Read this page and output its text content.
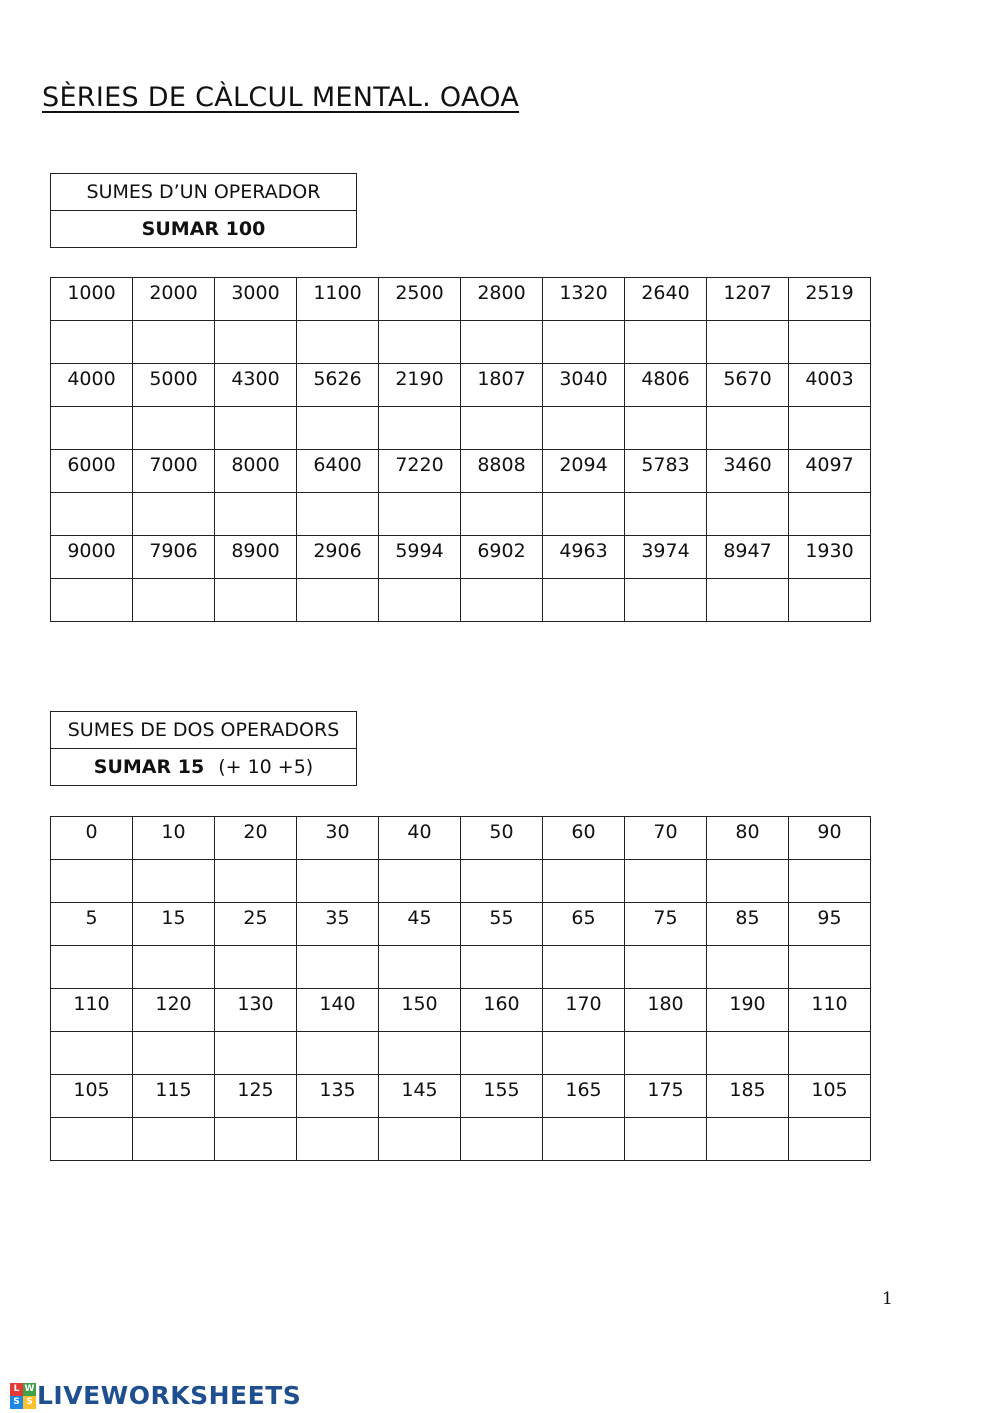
SÈRIES DE CÀLCUL MENTAL. OAOA
SUMES D’UN OPERADOR
SUMAR 100
1000	2000	3000	1100	2500	2800	1320	2640	1207	2519

4000	5000	4300	5626	2190	1807	3040	4806	5670	4003

6000	7000	8000	6400	7220	8808	2094	5783	3460	4097

9000	7906	8900	2906	5994	6902	4963	3974	8947	1930

SUMES DE DOS OPERADORS
SUMAR 15 (+ 10 +5)
0	10	20	30	40	50	60	70	80	90

5	15	25	35	45	55	65	75	85	95

110	120	130	140	150	160	170	180	190	110

105	115	125	135	145	155	165	175	185	105

1
L W
S S LIVEWORKSHEETS
